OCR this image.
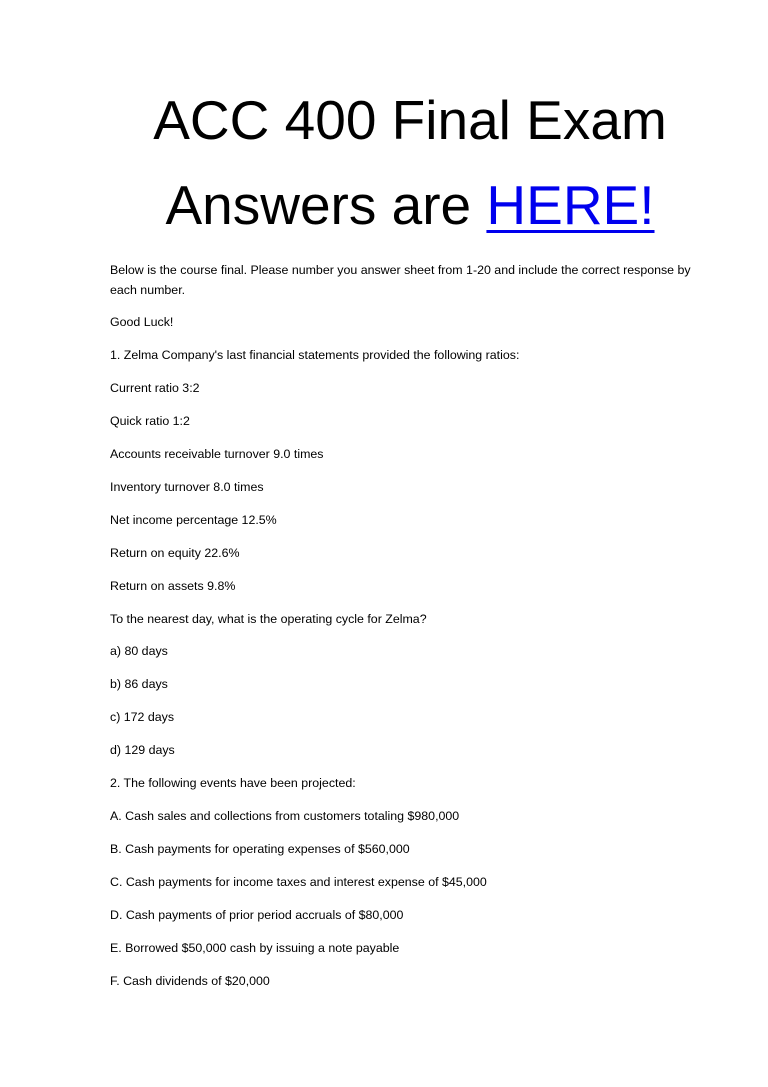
ACC 400 Final Exam
Answers are HERE!

Below is the course final. Please number you answer sheet from 1-20 and include the correct response by each number.

Good Luck!

1. Zelma Company's last financial statements provided the following ratios:

Current ratio 3:2

Quick ratio 1:2

Accounts receivable turnover 9.0 times

Inventory turnover 8.0 times

Net income percentage 12.5%

Return on equity 22.6%

Return on assets 9.8%

To the nearest day, what is the operating cycle for Zelma?

a) 80 days

b) 86 days

c) 172 days

d) 129 days

2. The following events have been projected:

A. Cash sales and collections from customers totaling $980,000

B. Cash payments for operating expenses of $560,000

C. Cash payments for income taxes and interest expense of $45,000

D. Cash payments of prior period accruals of $80,000

E. Borrowed $50,000 cash by issuing a note payable

F. Cash dividends of $20,000
